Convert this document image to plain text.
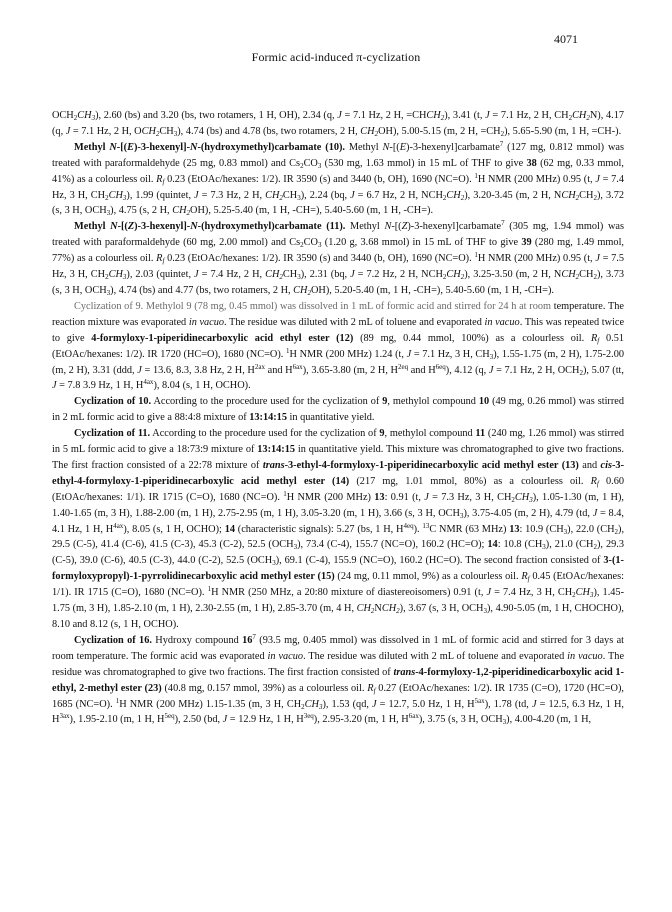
Formic acid-induced π-cyclization
4071

$OCH_2CH_3$), 2.60 (bs) and 3.20 (bs, two rotamers, 1 H, OH), 2.34 (q, J = 7.1 Hz, 2 H, $=CHCH_2$), 3.41 (t, J = 7.1 Hz, 2 H, $CH_2CH_2N$), 4.17 (q, J = 7.1 Hz, 2 H, $OCH_2CH_3$), 4.74 (bs) and 4.78 (bs, two rotamers, 2 H, $CH_2OH$), 5.00-5.15 (m, 2 H, $=CH_2$), 5.65-5.90 (m, 1 H, =CH-).

Methyl N-[(E)-3-hexenyl]-N-(hydroxymethyl)carbamate (10). Methyl N-[(E)-3-hexenyl]carbamate$^7$ (127 mg, 0.812 mmol) was treated with paraformaldehyde (25 mg, 0.83 mmol) and $Cs_2CO_3$ (530 mg, 1.63 mmol) in 15 mL of THF to give 38 (62 mg, 0.33 mmol, 41%) as a colourless oil. $R_f$ 0.23 (EtOAc/hexanes: 1/2). IR 3590 (s) and 3440 (b, OH), 1690 (NC=O). $^1$H NMR (200 MHz) 0.95 (t, J = 7.4 Hz, 3 H, $CH_2CH_3$), 1.99 (quintet, J = 7.3 Hz, 2 H, $CH_2CH_3$), 2.24 (bq, J = 6.7 Hz, 2 H, $NCH_2CH_2$), 3.20-3.45 (m, 2 H, $NCH_2CH_2$), 3.72 (s, 3 H, $OCH_3$), 4.75 (s, 2 H, $CH_2OH$), 5.25-5.40 (m, 1 H, -CH=), 5.40-5.60 (m, 1 H, -CH=).

Methyl N-[(Z)-3-hexenyl]-N-(hydroxymethyl)carbamate (11). Methyl N-[(Z)-3-hexenyl]carbamate$^7$ (305 mg, 1.94 mmol) was treated with paraformaldehyde (60 mg, 2.00 mmol) and $Cs_2CO_3$ (1.20 g, 3.68 mmol) in 15 mL of THF to give 39 (280 mg, 1.49 mmol, 77%) as a colourless oil. $R_f$ 0.23 (EtOAc/hexanes: 1/2). IR 3590 (s) and 3440 (b, OH), 1690 (NC=O). $^1$H NMR (200 MHz) 0.95 (t, J = 7.5 Hz, 3 H, $CH_2CH_3$), 2.03 (quintet, J = 7.4 Hz, 2 H, $CH_2CH_3$), 2.31 (bq, J = 7.2 Hz, 2 H, $NCH_2CH_2$), 3.25-3.50 (m, 2 H, $NCH_2CH_2$), 3.73 (s, 3 H, $OCH_3$), 4.74 (bs) and 4.77 (bs, two rotamers, 2 H, $CH_2OH$), 5.20-5.40 (m, 1 H, -CH=), 5.40-5.60 (m, 1 H, -CH=).

Cyclization of 9. Methylol 9 (78 mg, 0.45 mmol) was dissolved in 1 mL of formic acid and stirred for 24 h at room temperature. The reaction mixture was evaporated in vacuo. The residue was diluted with 2 mL of toluene and evaporated in vacuo. This was repeated twice to give 4-formyloxy-1-piperidinecarboxylic acid ethyl ester (12) (89 mg, 0.44 mmol, 100%) as a colourless oil. $R_f$ 0.51 (EtOAc/hexanes: 1/2). IR 1720 (HC=O), 1680 (NC=O). $^1$H NMR (200 MHz) 1.24 (t, J = 7.1 Hz, 3 H, $CH_3$), 1.55-1.75 (m, 2 H), 1.75-2.00 (m, 2 H), 3.31 (ddd, J = 13.6, 8.3, 3.8 Hz, 2 H, $H^{2ax}$ and $H^{6ax}$), 3.65-3.80 (m, 2 H, $H^{2eq}$ and $H^{6eq}$), 4.12 (q, J = 7.1 Hz, 2 H, $OCH_2$), 5.07 (tt, J = 7.8 3.9 Hz, 1 H, $H^{4ax}$), 8.04 (s, 1 H, OCHO).

Cyclization of 10. According to the procedure used for the cyclization of 9, methylol compound 10 (49 mg, 0.26 mmol) was stirred in 2 mL formic acid to give a 88:4:8 mixture of 13:14:15 in quantitative yield.

Cyclization of 11. According to the procedure used for the cyclization of 9, methylol compound 11 (240 mg, 1.26 mmol) was stirred in 5 mL formic acid to give a 18:73:9 mixture of 13:14:15 in quantitative yield. This mixture was chromatographed to give two fractions. The first fraction consisted of a 22:78 mixture of trans-3-ethyl-4-formyloxy-1-piperidinecarboxylic acid methyl ester (13) and cis-3-ethyl-4-formyloxy-1-piperidinecarboxylic acid methyl ester (14) (217 mg, 1.01 mmol, 80%) as a colourless oil. $R_f$ 0.60 (EtOAc/hexanes: 1/1). IR 1715 (C=O), 1680 (NC=O). $^1$H NMR (200 MHz) 13: 0.91 (t, J = 7.3 Hz, 3 H, $CH_2CH_3$), 1.05-1.30 (m, 1 H), 1.40-1.65 (m, 3 H), 1.88-2.00 (m, 1 H), 2.75-2.95 (m, 1 H), 3.05-3.20 (m, 1 H), 3.66 (s, 3 H, $OCH_3$), 3.75-4.05 (m, 2 H), 4.79 (td, J = 8.4, 4.1 Hz, 1 H, $H^{4ax}$), 8.05 (s, 1 H, OCHO); 14 (characteristic signals): 5.27 (bs, 1 H, $H^{4eq}$). $^{13}$C NMR (63 MHz) 13: 10.9 $(CH_3)$, 22.0 $(CH_2)$, 29.5 (C-5), 41.4 (C-6), 41.5 (C-3), 45.3 (C-2), 52.5 $(OCH_3)$, 73.4 (C-4), 155.7 (NC=O), 160.2 (HC=O); 14: 10.8 $(CH_3)$, 21.0 $(CH_2)$, 29.3 (C-5), 39.0 (C-6), 40.5 (C-3), 44.0 (C-2), 52.5 $(OCH_3)$, 69.1 (C-4), 155.9 (NC=O), 160.2 (HC=O). The second fraction consisted of 3-(1-formyloxypropyl)-1-pyrrolidinecarboxylic acid methyl ester (15) (24 mg, 0.11 mmol, 9%) as a colourless oil. $R_f$ 0.45 (EtOAc/hexanes: 1/1). IR 1715 (C=O), 1680 (NC=O). $^1$H NMR (250 MHz, a 20:80 mixture of diastereoisomers) 0.91 (t, J = 7.4 Hz, 3 H, $CH_2CH_3$), 1.45-1.75 (m, 3 H), 1.85-2.10 (m, 1 H), 2.30-2.55 (m, 1 H), 2.85-3.70 (m, 4 H, $CH_2NCH_2$), 3.67 (s, 3 H, $OCH_3$), 4.90-5.05 (m, 1 H, CHOCHO), 8.10 and 8.12 (s, 1 H, OCHO).

Cyclization of 16. Hydroxy compound $16^7$ (93.5 mg, 0.405 mmol) was dissolved in 1 mL of formic acid and stirred for 3 days at room temperature. The formic acid was evaporated in vacuo. The residue was diluted with 2 mL of toluene and evaporated in vacuo. The residue was chromatographed to give two fractions. The first fraction consisted of trans-4-formyloxy-1,2-piperidinedicarboxylic acid 1-ethyl, 2-methyl ester (23) (40.8 mg, 0.157 mmol, 39%) as a colourless oil. $R_f$ 0.27 (EtOAc/hexanes: 1/2). IR 1735 (C=O), 1720 (HC=O), 1685 (NC=O). $^1$H NMR (200 MHz) 1.15-1.35 (m, 3 H, $CH_2CH_3$), 1.53 (qd, J = 12.7, 5.0 Hz, 1 H, $H^{5ax}$), 1.78 (td, J = 12.5, 6.3 Hz, 1 H, $H^{3ax}$), 1.95-2.10 (m, 1 H, $H^{5eq}$), 2.50 (bd, J = 12.9 Hz, 1 H, $H^{3eq}$), 2.95-3.20 (m, 1 H, $H^{6ax}$), 3.75 (s, 3 H, $OCH_3$), 4.00-4.20 (m, 1 H,
